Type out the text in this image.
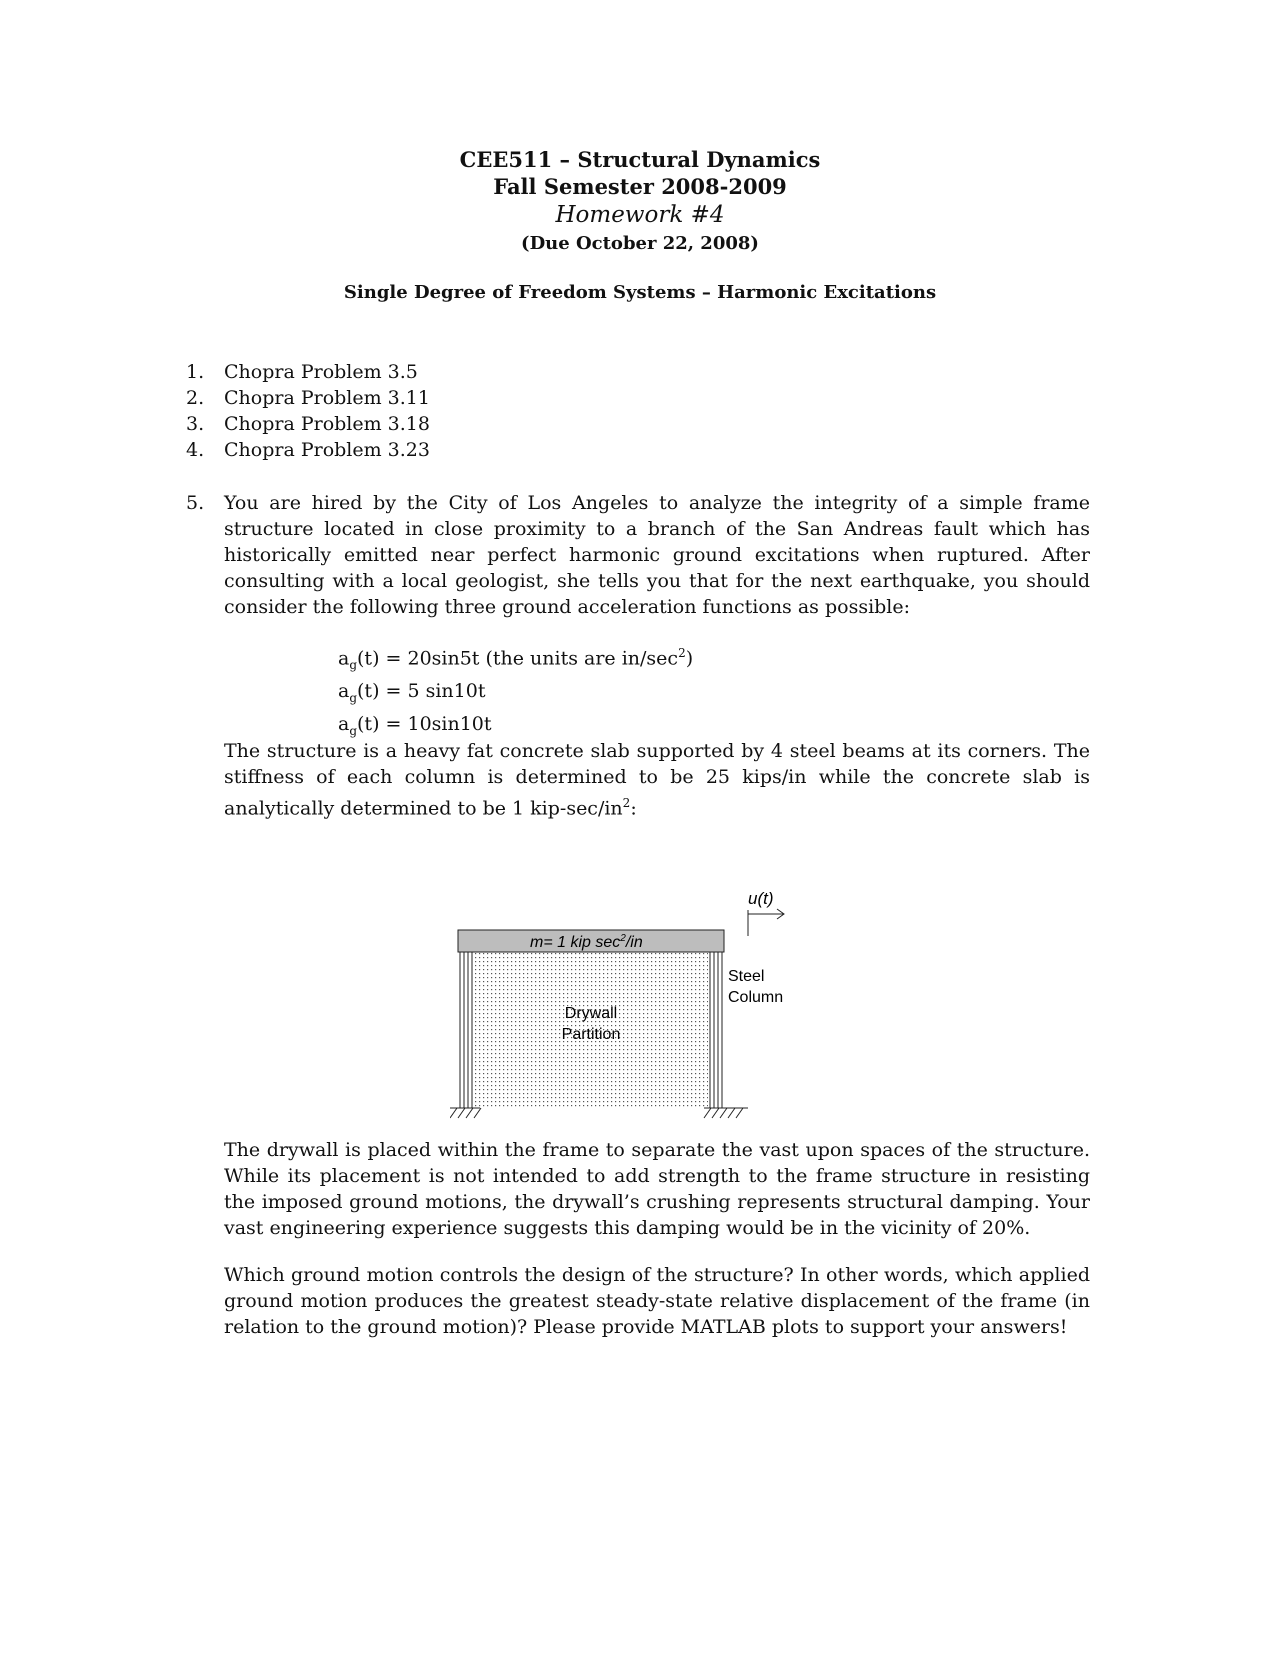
CEE511 – Structural Dynamics
Fall Semester 2008-2009
Homework #4
(Due October 22, 2008)
Single Degree of Freedom Systems – Harmonic Excitations
1.	Chopra Problem 3.5
2.	Chopra Problem 3.11
3.	Chopra Problem 3.18
4.	Chopra Problem 3.23
5.	You are hired by the City of Los Angeles to analyze the integrity of a simple frame structure located in close proximity to a branch of the San Andreas fault which has historically emitted near perfect harmonic ground excitations when ruptured. After consulting with a local geologist, she tells you that for the next earthquake, you should consider the following three ground acceleration functions as possible:
$a_g(t) = 20\sin 5t$ (the units are $in/\sec^2$)
$a_g(t) = 5$ sin10t
$a_g(t) = 10\sin 10t$
The structure is a heavy fat concrete slab supported by 4 steel beams at its corners. The stiffness of each column is determined to be 25 kips/in while the concrete slab is analytically determined to be 1 kip-$\sec/in^2$:
u(t)
m= 1 kip $\sec^2/in$
Drywall
Partition
Steel
Column
The drywall is placed within the frame to separate the vast upon spaces of the structure. While its placement is not intended to add strength to the frame structure in resisting the imposed ground motions, the drywall’s crushing represents structural damping. Your vast engineering experience suggests this damping would be in the vicinity of 20%.
Which ground motion controls the design of the structure? In other words, which applied ground motion produces the greatest steady-state relative displacement of the frame (in relation to the ground motion)? Please provide MATLAB plots to support your answers!
